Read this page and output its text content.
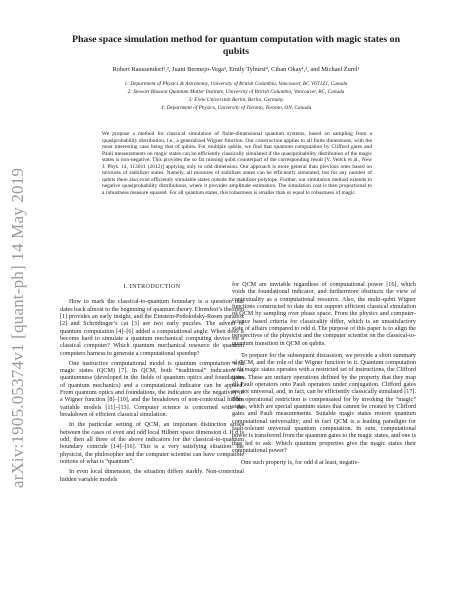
arXiv:1905.05374v1 [quant-ph] 14 May 2019
Phase space simulation method for quantum computation with magic states on qubits
Robert Raussendorf¹,², Juani Bermejo-Vega³, Emily Tyhurst⁴, Cihan Okay¹,², and Michael Zurel¹
1: Department of Physics & Astronomy, University of British Columbia, Vancouver, BC V6T1Z1, Canada
2: Stewart Blusson Quantum Matter Institute, University of British Columbia, Vancouver, BC, Canada
3: Freie Universität Berlin, Berlin, Germany
4: Department of Physics, University of Toronto, Toronto, ON, Canada
We propose a method for classical simulation of finite-dimensional quantum systems, based on sampling from a quasiprobability distribution, i.e., a generalized Wigner function. Our construction applies to all finite dimensions, with the most interesting case being that of qubits. For multiple qubits, we find that quantum computation by Clifford gates and Pauli measurements on magic states can be efficiently classically simulated if the quasiprobability distribution of the magic states is non-negative. This provides the so far missing qubit counterpart of the corresponding result [V. Veitch et al., New J. Phys. 14, 113011 (2012)] applying only to odd dimension. Our approach is more general than previous ones based on mixtures of stabilizer states. Namely, all mixtures of stabilizer states can be efficiently simulated, but for any number of qubits there also exist efficiently simulable states outside the stabilizer polytope. Further, our simulation method extends to negative quasiprobability distributions, where it provides amplitude estimation. The simulation cost is then proportional to a robustness measure squared. For all quantum states, this robustness is smaller than or equal to robustness of magic.
I. INTRODUCTION

How to mark the classical-to-quantum boundary is a question that dates back almost to the beginning of quantum theory. Ehrenfest’s theorem [1] provides an early insight, and the Einstein-Podolodsky-Rosen paradox [2] and Schrödinger’s cat [3] are two early puzzles. The advent of quantum computation [4]–[6] added a computational angle: When does it become hard to simulate a quantum mechanical computing device on a classical computer? Which quantum mechanical resource do quantum computers harness to generate a computational speedup?

One instructive computational model is quantum computation with magic states (QCM) [7]. In QCM, both “traditional” indicators of quantumness (developed in the fields of quantum optics and foundations of quantum mechanics) and a computational indicator can be applied. From quantum optics and foundations, the indicators are the negativity of a Wigner function [8]–[10], and the breakdown of non-contextual hidden variable models [11]–[13]. Computer science is concerned with the breakdown of efficient classical simulation.

In the particular setting of QCM, an important distinction arises between the cases of even and odd local Hilbert space dimension d. If d is odd, then all three of the above indicators for the classical-to-quantum boundary coincide [14]–[16]. This is a very satisfying situation: the physicist, the philosopher and the computer scientist can have compatible notions of what is “quantum”.

In even local dimension, the situation differs starkly. Non-contextual hidden variable models

for QCM are unviable regardless of computational power [16], which voids the foundational indicator, and furthermore obstructs the view of contextuality as a computational resource. Also, the multi-qubit Wigner functions constructed to date do not support efficient classical simulation of QCM by sampling over phase space. From the physics and computer-science based criteria for classicality differ, which is an unsatisfactory state of affairs compared to odd d. The purpose of this paper is to align the perspectives of the physicist and the computer scientist on the classical-to-quantum transition in QCM on qubits.

To prepare for the subsequent discussion, we provide a short summary of QCM, and the role of the Wigner function in it. Quantum computation with magic states operates with a restricted set of instructions, the Clifford gates. These are unitary operations defined by the property that they map all Pauli operators onto Pauli operators under conjugation. Clifford gates are not universal, and, in fact, can be efficiently classically simulated [17]. This operational restriction is compensated for by invoking the “magic” states, which are special quantum states that cannot be created by Clifford gates and Pauli measurements. Suitable magic states restore quantum computational universality; and in fact QCM is a leading paradigm for fault-tolerant universal quantum computation. In sum, computational power is transferred from the quantum gates to the magic states, and one is thus led to ask: Which quantum properties give the magic states their computational power?

One such property is, for odd d at least, negativ-
